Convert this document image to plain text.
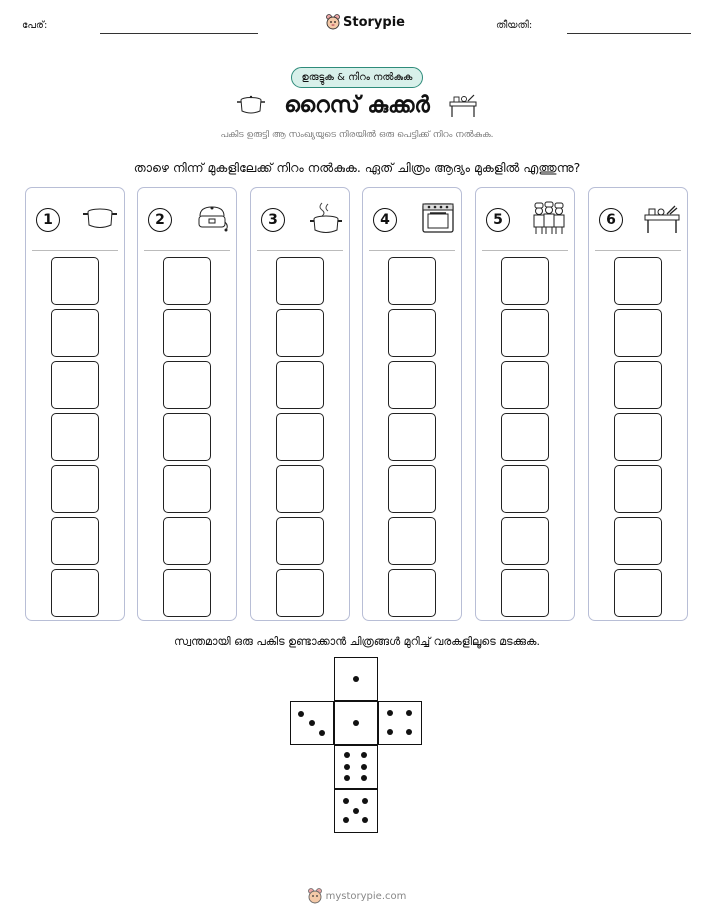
പേര്:	Storypie	തീയതി:
ഉരുട്ടുക & നിറം നൽകുക
റൈസ് കുക്കർ
പകിട ഉരുട്ടി ആ സംഖ്യയുടെ നിരയിൽ ഒരു പെട്ടിക്ക് നിറം നൽകുക.
താഴെ നിന്ന് മുകളിലേക്ക് നിറം നൽകുക. ഏത് ചിത്രം ആദ്യം മുകളിൽ എത്തുന്നു?
1	2	3	4	5	6
സ്വന്തമായി ഒരു പകിട ഉണ്ടാക്കാൻ ചിത്രങ്ങൾ മുറിച്ച് വരകളിലൂടെ മടക്കുക.
mystorypie.com
